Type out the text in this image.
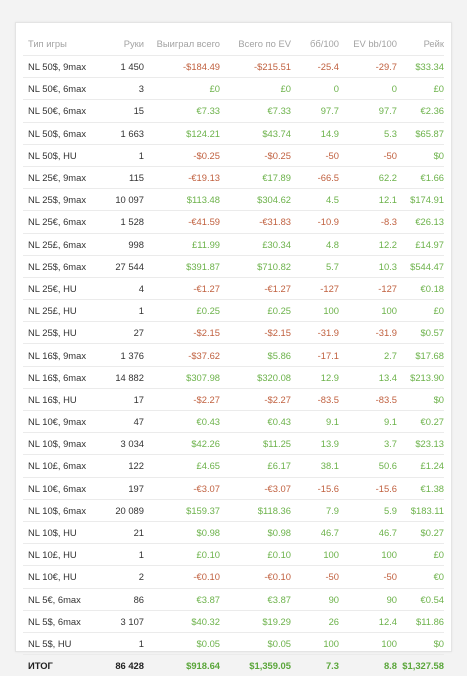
Тип игры	Руки	Выиграл всего	Всего по EV	бб/100	EV bb/100	Рейк
NL 50$, 9max	1 450	-$184.49	-$215.51	-25.4	-29.7	$33.34
NL 50€, 6max	3	£0	£0	0	0	£0
NL 50€, 6max	15	€7.33	€7.33	97.7	97.7	€2.36
NL 50$, 6max	1 663	$124.21	$43.74	14.9	5.3	$65.87
NL 50$, HU	1	-$0.25	-$0.25	-50	-50	$0
NL 25€, 9max	115	-€19.13	€17.89	-66.5	62.2	€1.66
NL 25$, 9max	10 097	$113.48	$304.62	4.5	12.1	$174.91
NL 25€, 6max	1 528	-€41.59	-€31.83	-10.9	-8.3	€26.13
NL 25£, 6max	998	£11.99	£30.34	4.8	12.2	£14.97
NL 25$, 6max	27 544	$391.87	$710.82	5.7	10.3	$544.47
NL 25€, HU	4	-€1.27	-€1.27	-127	-127	€0.18
NL 25£, HU	1	£0.25	£0.25	100	100	£0
NL 25$, HU	27	-$2.15	-$2.15	-31.9	-31.9	$0.57
NL 16$, 9max	1 376	-$37.62	$5.86	-17.1	2.7	$17.68
NL 16$, 6max	14 882	$307.98	$320.08	12.9	13.4	$213.90
NL 16$, HU	17	-$2.27	-$2.27	-83.5	-83.5	$0
NL 10€, 9max	47	€0.43	€0.43	9.1	9.1	€0.27
NL 10$, 9max	3 034	$42.26	$11.25	13.9	3.7	$23.13
NL 10£, 6max	122	£4.65	£6.17	38.1	50.6	£1.24
NL 10€, 6max	197	-€3.07	-€3.07	-15.6	-15.6	€1.38
NL 10$, 6max	20 089	$159.37	$118.36	7.9	5.9	$183.11
NL 10$, HU	21	$0.98	$0.98	46.7	46.7	$0.27
NL 10£, HU	1	£0.10	£0.10	100	100	£0
NL 10€, HU	2	-€0.10	-€0.10	-50	-50	€0
NL 5€, 6max	86	€3.87	€3.87	90	90	€0.54
NL 5$, 6max	3 107	$40.32	$19.29	26	12.4	$11.86
NL 5$, HU	1	$0.05	$0.05	100	100	$0
ИТОГ	86 428	$918.64	$1,359.05	7.3	8.8	$1,327.58
